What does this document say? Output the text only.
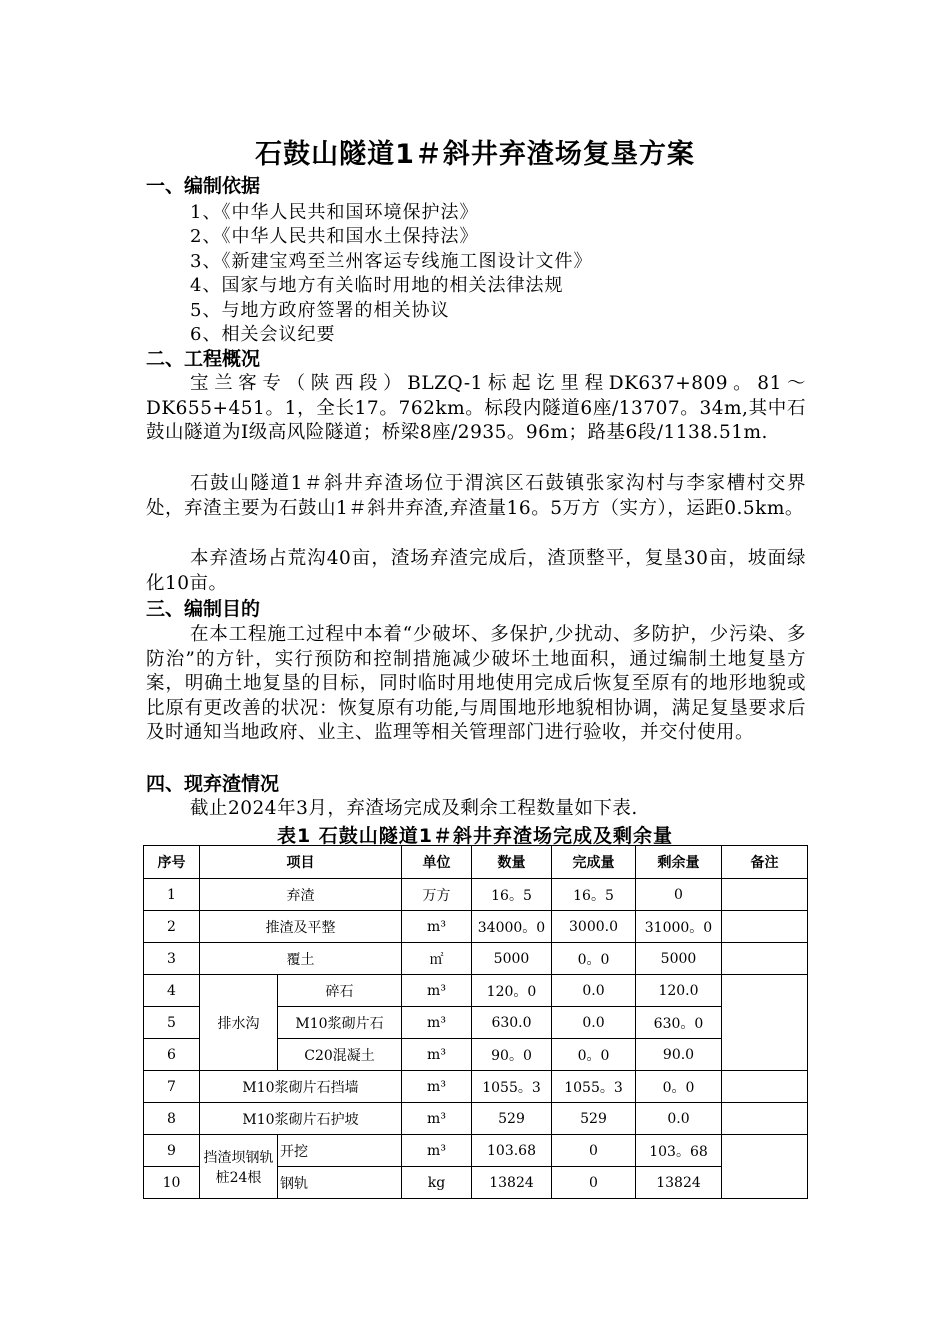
石鼓山隧道1＃斜井弃渣场复垦方案
一、编制依据
1、《中华人民共和国环境保护法》
2、《中华人民共和国水土保持法》
3、《新建宝鸡至兰州客运专线施工图设计文件》
4、国家与地方有关临时用地的相关法律法规
5、与地方政府签署的相关协议
6、相关会议纪要
二、工程概况
宝兰客专（陕西段）BLZQ-1标起讫里程DK637+809。81～DK655+451。1，全长17。762km。标段内隧道6座/13707。34m,其中石鼓山隧道为Ⅰ级高风险隧道；桥梁8座/2935。96m；路基6段/1138.51m.
石鼓山隧道1＃斜井弃渣场位于渭滨区石鼓镇张家沟村与李家槽村交界处，弃渣主要为石鼓山1＃斜井弃渣,弃渣量16。5万方（实方），运距0.5km。
本弃渣场占荒沟40亩，渣场弃渣完成后，渣顶整平，复垦30亩，坡面绿化10亩。
三、编制目的
在本工程施工过程中本着“少破坏、多保护,少扰动、多防护，少污染、多防治”的方针，实行预防和控制措施减少破坏土地面积，通过编制土地复垦方案，明确土地复垦的目标，同时临时用地使用完成后恢复至原有的地形地貌或比原有更改善的状况：恢复原有功能,与周围地形地貌相协调，满足复垦要求后及时通知当地政府、业主、监理等相关管理部门进行验收，并交付使用。
四、现弃渣情况
截止2024年3月，弃渣场完成及剩余工程数量如下表.
表1 石鼓山隧道1＃斜井弃渣场完成及剩余量
序号	项目		单位	数量	完成量	剩余量	备注
1	弃渣		万方	16。5	16。5	0	
2	推渣及平整		m³	34000。0	3000.0	31000。0	
3	覆土		㎡	5000	0。0	5000	
4	排水沟	碎石	m³	120。0	0.0	120.0	
5		M10浆砌片石	m³	630.0	0.0	630。0	
6		C20混凝土	m³	90。0	0。0	90.0	
7	M10浆砌片石挡墙		m³	1055。3	1055。3	0。0	
8	M10浆砌片石护坡		m³	529	529	0.0	
9	挡渣坝钢轨桩24根	开挖	m³	103.68	0	103。68	
10		钢轨	kg	13824	0	13824	
